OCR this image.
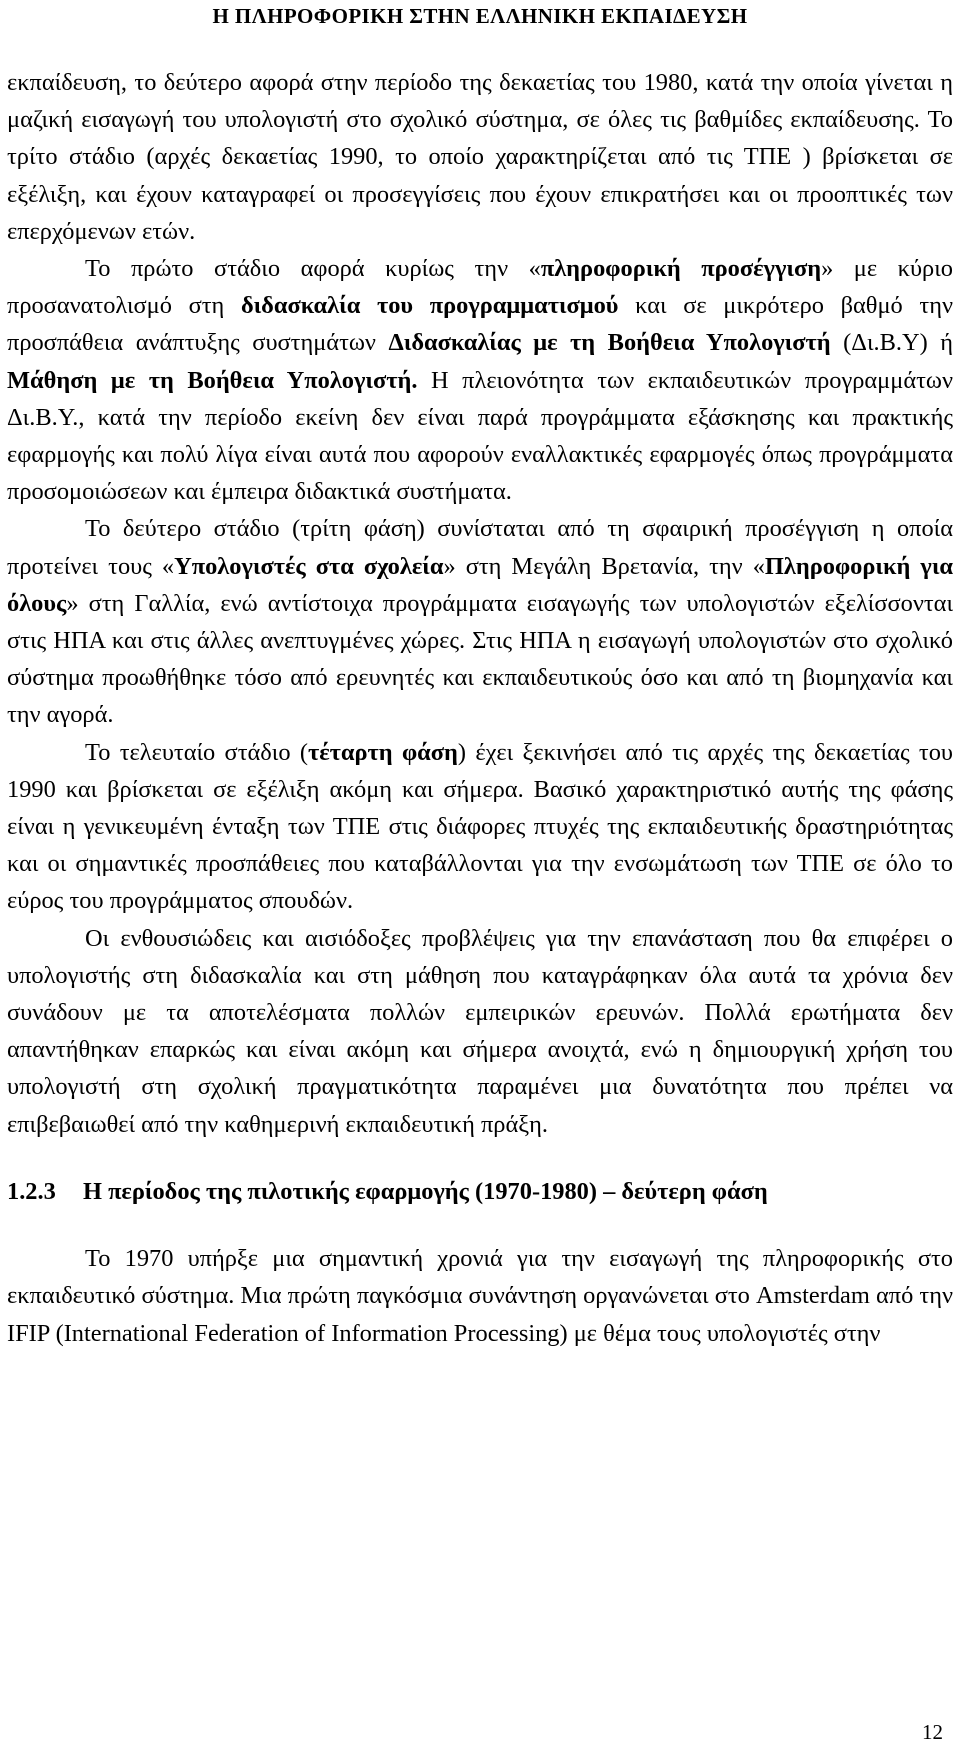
Η ΠΛΗΡΟΦΟΡΙΚΗ ΣΤΗΝ ΕΛΛΗΝΙΚΗ ΕΚΠΑΙΔΕΥΣΗ

εκπαίδευση, το δεύτερο αφορά στην περίοδο της δεκαετίας του 1980, κατά την οποία γίνεται η μαζική εισαγωγή του υπολογιστή στο σχολικό σύστημα, σε όλες τις βαθμίδες εκπαίδευσης. Το τρίτο στάδιο (αρχές δεκαετίας 1990, το οποίο χαρακτηρίζεται από τις ΤΠΕ ) βρίσκεται σε εξέλιξη, και έχουν καταγραφεί οι προσεγγίσεις που έχουν επικρατήσει και οι προοπτικές των επερχόμενων ετών.

Το πρώτο στάδιο αφορά κυρίως την «πληροφορική προσέγγιση» με κύριο προσανατολισμό στη διδασκαλία του προγραμματισμού και σε μικρότερο βαθμό την προσπάθεια ανάπτυξης συστημάτων Διδασκαλίας με τη Βοήθεια Υπολογιστή (Δι.Β.Υ) ή Μάθηση με τη Βοήθεια Υπολογιστή. Η πλειονότητα των εκπαιδευτικών προγραμμάτων Δι.Β.Υ., κατά την περίοδο εκείνη δεν είναι παρά προγράμματα εξάσκησης και πρακτικής εφαρμογής και πολύ λίγα είναι αυτά που αφορούν εναλλακτικές εφαρμογές όπως προγράμματα προσομοιώσεων και έμπειρα διδακτικά συστήματα.

Το δεύτερο στάδιο (τρίτη φάση) συνίσταται από τη σφαιρική προσέγγιση η οποία προτείνει τους «Υπολογιστές στα σχολεία» στη Μεγάλη Βρετανία, την «Πληροφορική για όλους» στη Γαλλία, ενώ αντίστοιχα προγράμματα εισαγωγής των υπολογιστών εξελίσσονται στις ΗΠΑ και στις άλλες ανεπτυγμένες χώρες. Στις ΗΠΑ η εισαγωγή υπολογιστών στο σχολικό σύστημα προωθήθηκε τόσο από ερευνητές και εκπαιδευτικούς όσο και από τη βιομηχανία και την αγορά.

Το τελευταίο στάδιο (τέταρτη φάση) έχει ξεκινήσει από τις αρχές της δεκαετίας του 1990 και βρίσκεται σε εξέλιξη ακόμη και σήμερα. Βασικό χαρακτηριστικό αυτής της φάσης είναι η γενικευμένη ένταξη των ΤΠΕ στις διάφορες πτυχές της εκπαιδευτικής δραστηριότητας και οι σημαντικές προσπάθειες που καταβάλλονται για την ενσωμάτωση των ΤΠΕ σε όλο το εύρος του προγράμματος σπουδών.

Οι ενθουσιώδεις και αισιόδοξες προβλέψεις για την επανάσταση που θα επιφέρει ο υπολογιστής στη διδασκαλία και στη μάθηση που καταγράφηκαν όλα αυτά τα χρόνια δεν συνάδουν με τα αποτελέσματα πολλών εμπειρικών ερευνών. Πολλά ερωτήματα δεν απαντήθηκαν επαρκώς και είναι ακόμη και σήμερα ανοιχτά, ενώ η δημιουργική χρήση του υπολογιστή στη σχολική πραγματικότητα παραμένει μια δυνατότητα που πρέπει να επιβεβαιωθεί από την καθημερινή εκπαιδευτική πράξη.

1.2.3	Η περίοδος της πιλοτικής εφαρμογής (1970-1980) – δεύτερη φάση

Το 1970 υπήρξε μια σημαντική χρονιά για την εισαγωγή της πληροφορικής στο εκπαιδευτικό σύστημα. Μια πρώτη παγκόσμια συνάντηση οργανώνεται στο Amsterdam από την IFIP (International Federation of Information Processing) με θέμα τους υπολογιστές στην

12
